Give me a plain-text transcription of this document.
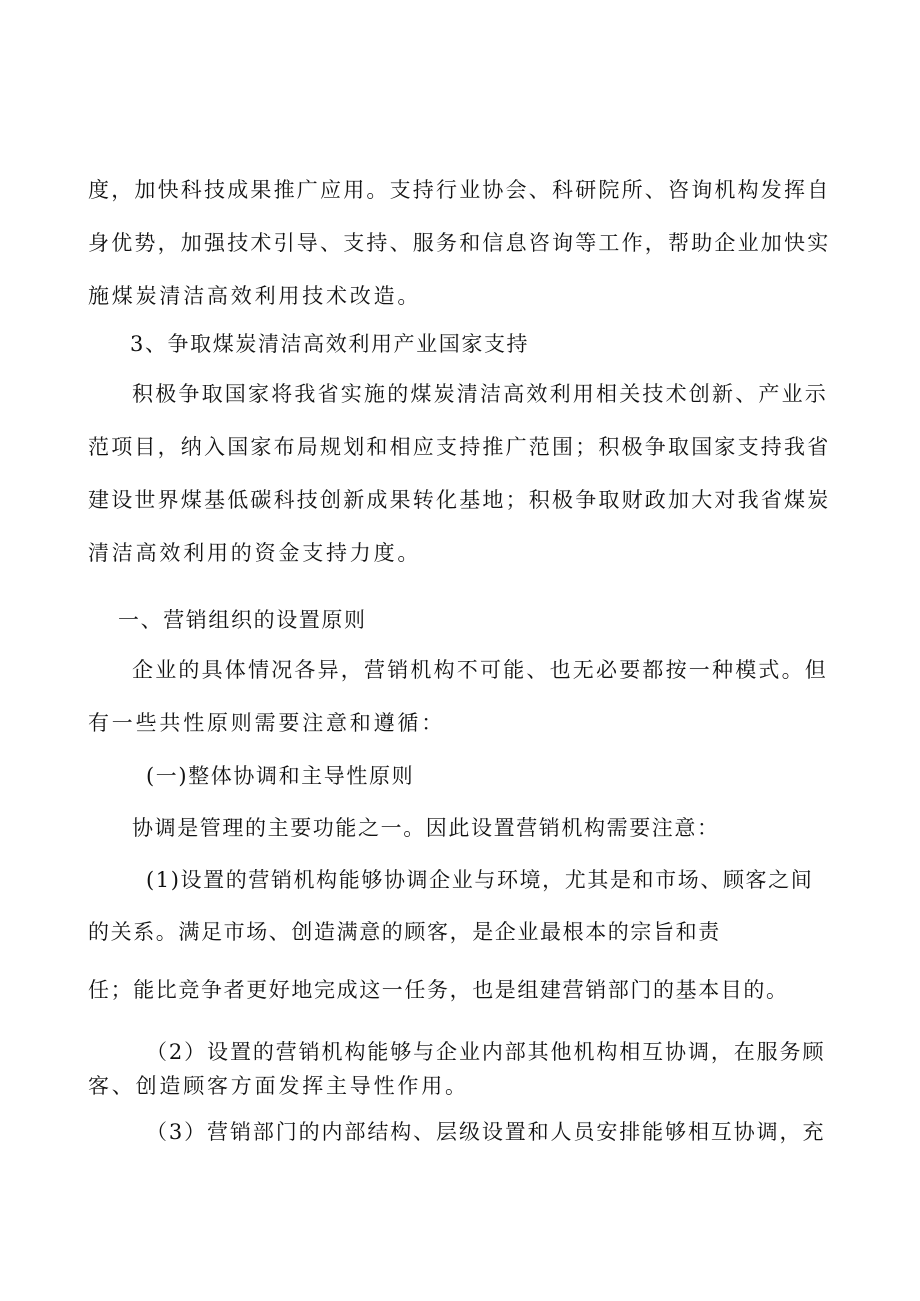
度，加快科技成果推广应用。支持行业协会、科研院所、咨询机构发挥自
身优势，加强技术引导、支持、服务和信息咨询等工作，帮助企业加快实
施煤炭清洁高效利用技术改造。
3、争取煤炭清洁高效利用产业国家支持
积极争取国家将我省实施的煤炭清洁高效利用相关技术创新、产业示
范项目，纳入国家布局规划和相应支持推广范围；积极争取国家支持我省
建设世界煤基低碳科技创新成果转化基地；积极争取财政加大对我省煤炭
清洁高效利用的资金支持力度。
一、营销组织的设置原则
企业的具体情况各异，营销机构不可能、也无必要都按一种模式。但
有一些共性原则需要注意和遵循：
(一)整体协调和主导性原则
协调是管理的主要功能之一。因此设置营销机构需要注意：
(1)设置的营销机构能够协调企业与环境，尤其是和市场、顾客之间
的关系。满足市场、创造满意的顾客，是企业最根本的宗旨和责
任；能比竞争者更好地完成这一任务，也是组建营销部门的基本目的。
（2）设置的营销机构能够与企业内部其他机构相互协调，在服务顾
客、创造顾客方面发挥主导性作用。
（3）营销部门的内部结构、层级设置和人员安排能够相互协调，充
